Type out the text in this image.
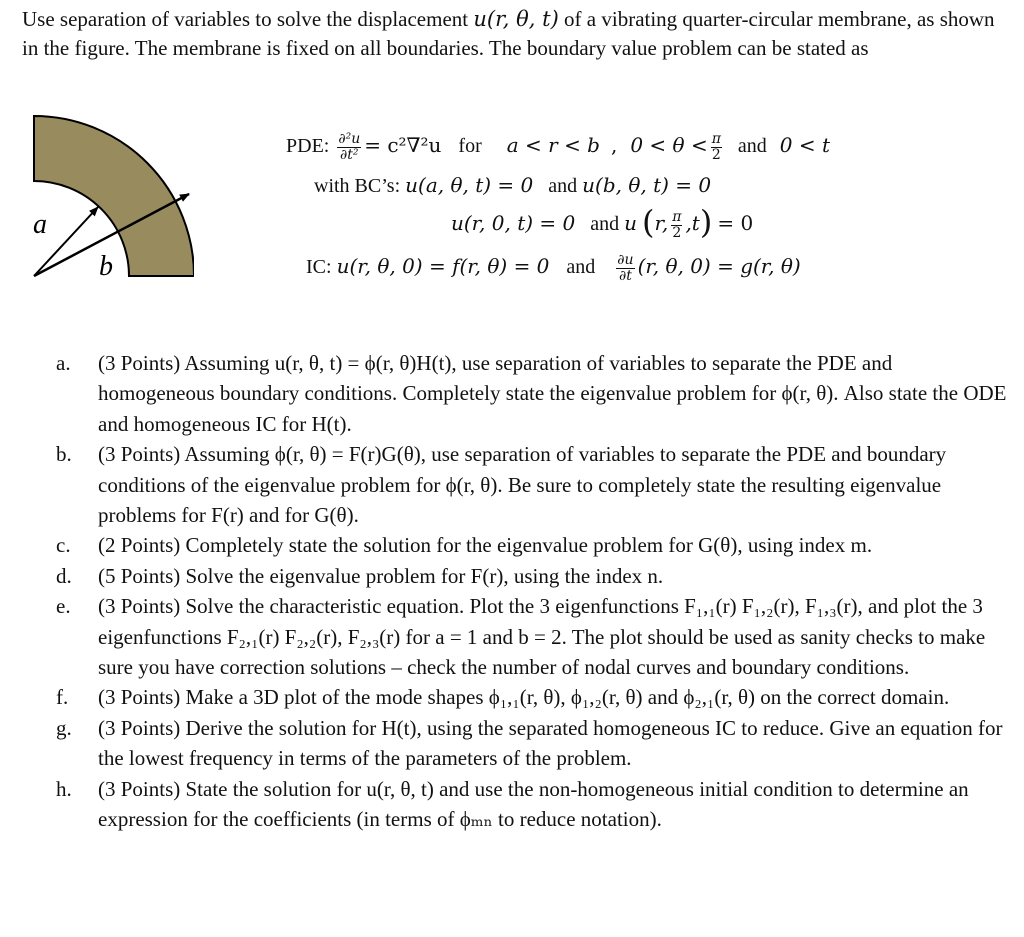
Use separation of variables to solve the displacement u(r, θ, t) of a vibrating quarter-circular membrane, as shown in the figure. The membrane is fixed on all boundaries. The boundary value problem can be stated as

a
b
PDE: $\frac{\text{∂²u}}{\text{∂t²}} = c^2\nabla^2u$ for a < r < b , $0 < \theta < \frac{\pi}{2}$ and 0 < t
with BC’s: u(a, θ, t) = 0 and u(b, θ, t) = 0
u(r, 0, t) = 0 and u (r, $\frac{\pi}{2} ,t) = 0$
IC: u(r, θ, 0) = f(r, θ) = 0 and $\frac{\partial u}{\partial t} (r$, θ, 0) = g(r, θ)
a. (3 Points) Assuming u(r, θ, t) = ϕ(r, θ)H(t), use separation of variables to separate the PDE and homogeneous boundary conditions. Completely state the eigenvalue problem for ϕ(r, θ). Also state the ODE and homogeneous IC for H(t).
b. (3 Points) Assuming ϕ(r, θ) = F(r)G(θ), use separation of variables to separate the PDE and boundary conditions of the eigenvalue problem for ϕ(r, θ). Be sure to completely state the resulting eigenvalue problems for F(r) and for G(θ).
c. (2 Points) Completely state the solution for the eigenvalue problem for G(θ), using index m.
d. (5 Points) Solve the eigenvalue problem for F(r), using the index n.
e. (3 Points) Solve the characteristic equation. Plot the 3 eigenfunctions F₁,₁(r) F₁,₂(r), F₁,₃(r), and plot the 3 eigenfunctions F₂,₁(r) F₂,₂(r), F₂,₃(r) for a = 1 and b = 2. The plot should be used as sanity checks to make sure you have correction solutions – check the number of nodal curves and boundary conditions.
f. (3 Points) Make a 3D plot of the mode shapes ϕ₁,₁(r, θ), ϕ₁,₂(r, θ) and ϕ₂,₁(r, θ) on the correct domain.
g. (3 Points) Derive the solution for H(t), using the separated homogeneous IC to reduce. Give an equation for the lowest frequency in terms of the parameters of the problem.
h. (3 Points) State the solution for u(r, θ, t) and use the non-homogeneous initial condition to determine an expression for the coefficients (in terms of ϕₘₙ to reduce notation).
